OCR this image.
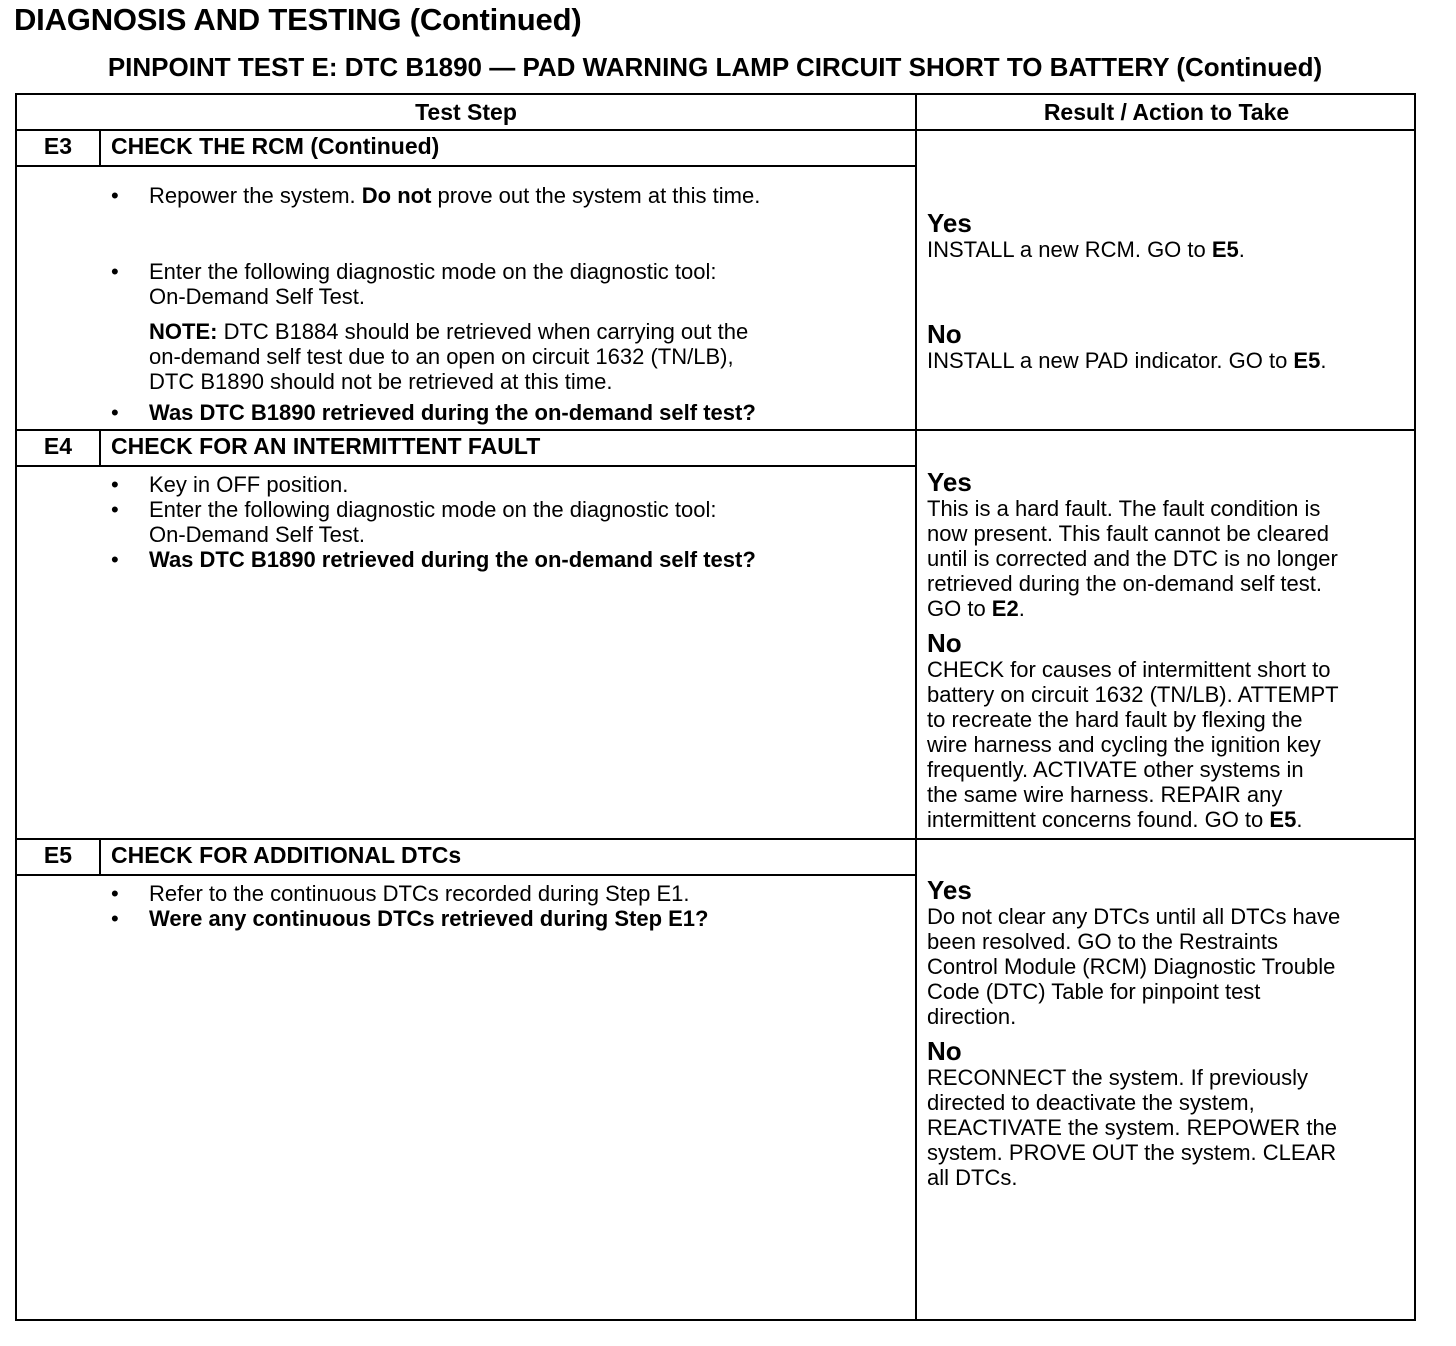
DIAGNOSIS AND TESTING (Continued)
PINPOINT TEST E: DTC B1890 — PAD WARNING LAMP CIRCUIT SHORT TO BATTERY (Continued)
Test Step	Result / Action to Take
E3	CHECK THE RCM (Continued)
•	Repower the system. Do not prove out the system at this time.
•	Enter the following diagnostic mode on the diagnostic tool:
On-Demand Self Test.
NOTE: DTC B1884 should be retrieved when carrying out the
on-demand self test due to an open on circuit 1632 (TN/LB),
DTC B1890 should not be retrieved at this time.
•	Was DTC B1890 retrieved during the on-demand self test?
Yes
INSTALL a new RCM. GO to E5.
No
INSTALL a new PAD indicator. GO to E5.
E4	CHECK FOR AN INTERMITTENT FAULT
•	Key in OFF position.
•	Enter the following diagnostic mode on the diagnostic tool:
On-Demand Self Test.
•	Was DTC B1890 retrieved during the on-demand self test?
Yes
This is a hard fault. The fault condition is
now present. This fault cannot be cleared
until is corrected and the DTC is no longer
retrieved during the on-demand self test.
GO to E2.
No
CHECK for causes of intermittent short to
battery on circuit 1632 (TN/LB). ATTEMPT
to recreate the hard fault by flexing the
wire harness and cycling the ignition key
frequently. ACTIVATE other systems in
the same wire harness. REPAIR any
intermittent concerns found. GO to E5.
E5	CHECK FOR ADDITIONAL DTCs
•	Refer to the continuous DTCs recorded during Step E1.
•	Were any continuous DTCs retrieved during Step E1?
Yes
Do not clear any DTCs until all DTCs have
been resolved. GO to the Restraints
Control Module (RCM) Diagnostic Trouble
Code (DTC) Table for pinpoint test
direction.
No
RECONNECT the system. If previously
directed to deactivate the system,
REACTIVATE the system. REPOWER the
system. PROVE OUT the system. CLEAR
all DTCs.
